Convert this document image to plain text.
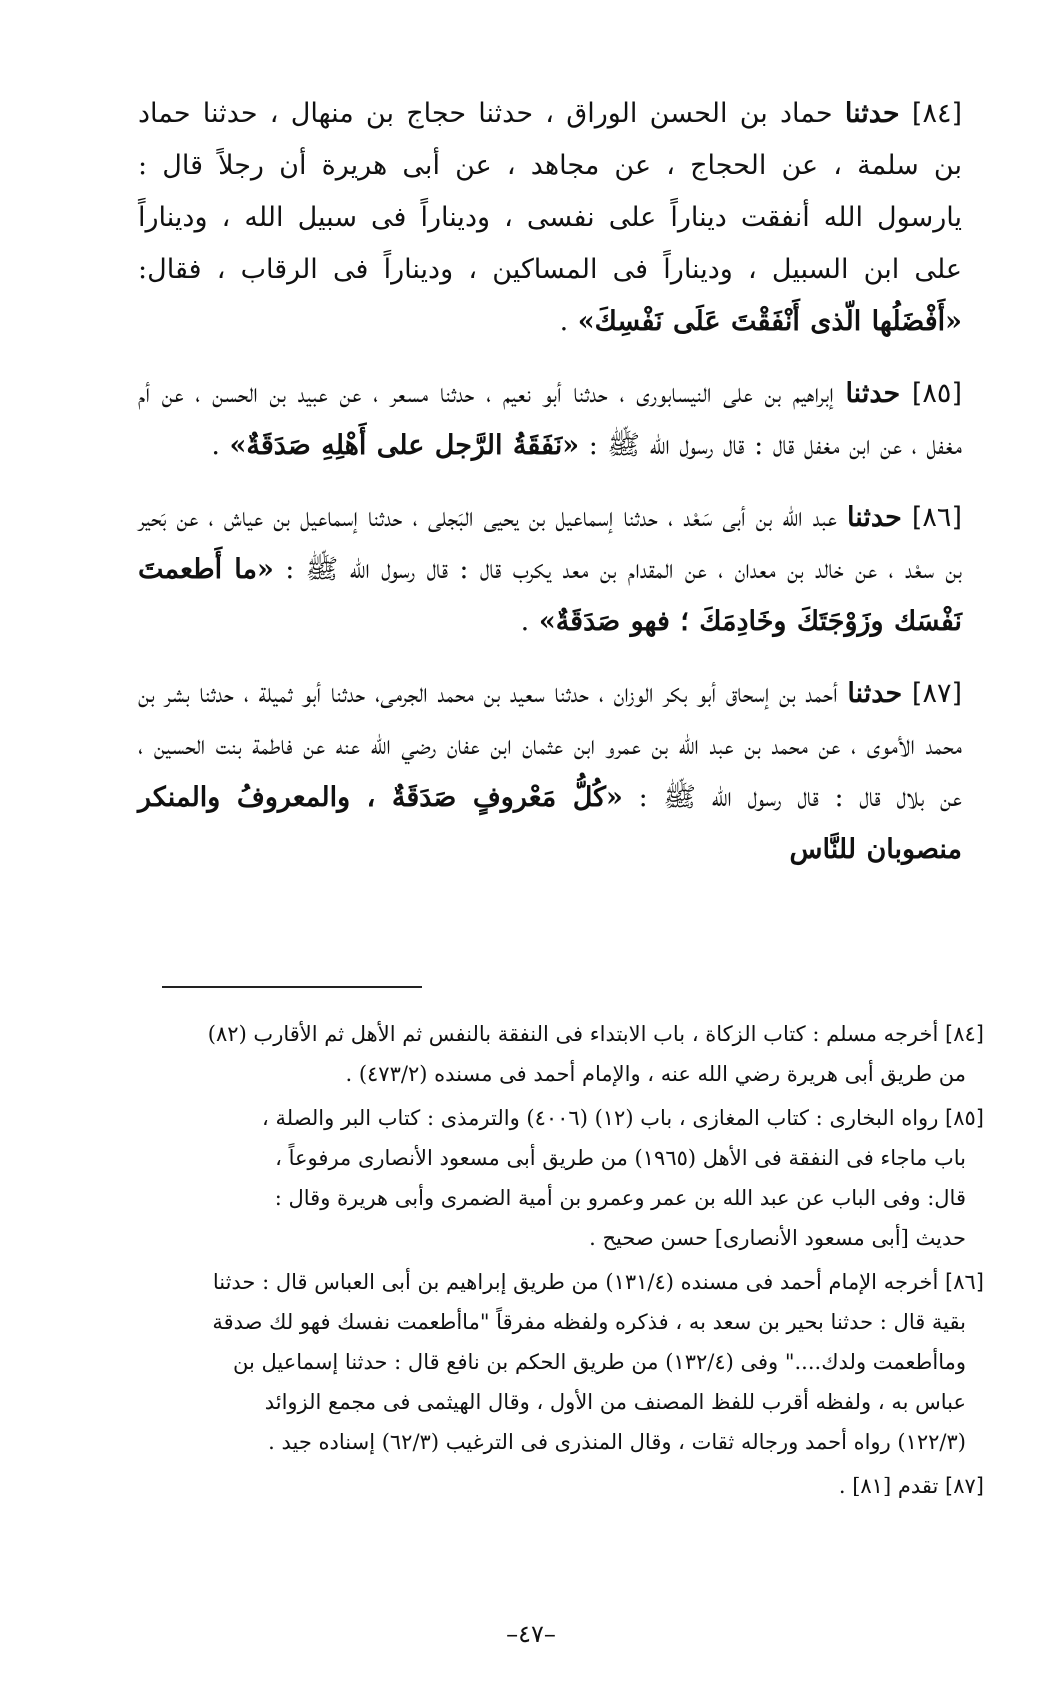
[٨٤] حدثنا حماد بن الحسن الوراق ، حدثنا حجاج بن منهال ، حدثنا حماد بن سلمة ، عن الحجاج ، عن مجاهد ، عن أبى هريرة أن رجلاً قال : يارسول الله أنفقت ديناراً على نفسى ، وديناراً فى سبيل الله ، وديناراً على ابن السبيل ، وديناراً فى المساكين ، وديناراً فى الرقاب ، فقال: «أَفْضَلُها الّذى أَنْفَقْتَ عَلَى نَفْسِكَ» .

[٨٥] حدثنا إبراهيم بن على النيسابورى ، حدثنا أبو نعيم ، حدثنا مسعر ، عن عبيد بن الحسن ، عن أم مغفل ، عن ابن مغفل قال : قال رسول الله ﷺ : «نَفَقَةُ الرَّجل على أَهْلِهِ صَدَقَةٌ» .

[٨٦] حدثنا عبد الله بن أبى سَعْد ، حدثنا إسماعيل بن يحيى البَجلى ، حدثنا إسماعيل بن عياش ، عن بَحير بن سعْد ، عن خالد بن معدان ، عن المقدام بن معد يكرب قال : قال رسول الله ﷺ : «ما أَطعمتَ نَفْسَك وزَوْجَتَكَ وخَادِمَكَ ؛ فهو صَدَقَةٌ» .

[٨٧] حدثنا أحمد بن إسحاق أبو بكر الوزان ، حدثنا سعيد بن محمد الجرمى، حدثنا أبو ثميلة ، حدثنا بشر بن محمد الأموى ، عن محمد بن عبد الله بن عمرو ابن عثمان ابن عفان رضي الله عنه عن فاطمة بنت الحسين ، عن بلال قال : قال رسول الله ﷺ : «كُلُّ مَعْروفٍ صَدَقَةٌ ، والمعروفُ والمنكر منصوبان للنَّاس

[٨٤] أخرجه مسلم : كتاب الزكاة ، باب الابتداء فى النفقة بالنفس ثم الأهل ثم الأقارب (٨٢)
من طريق أبى هريرة رضي الله عنه ، والإمام أحمد فى مسنده (٤٧٣/٢) .
[٨٥] رواه البخارى : كتاب المغازى ، باب (١٢) (٤٠٠٦) والترمذى : كتاب البر والصلة ،
باب ماجاء فى النفقة فى الأهل (١٩٦٥) من طريق أبى مسعود الأنصارى مرفوعاً ،
قال: وفى الباب عن عبد الله بن عمر وعمرو بن أمية الضمرى وأبى هريرة وقال :
حديث [أبى مسعود الأنصارى] حسن صحيح .
[٨٦] أخرجه الإمام أحمد فى مسنده (١٣١/٤) من طريق إبراهيم بن أبى العباس قال : حدثنا
بقية قال : حدثنا بحير بن سعد به ، فذكره ولفظه مفرقاً "ماأطعمت نفسك فهو لك صدقة
وماأطعمت ولدك...." وفى (١٣٢/٤) من طريق الحكم بن نافع قال : حدثنا إسماعيل بن
عباس به ، ولفظه أقرب للفظ المصنف من الأول ، وقال الهيثمى فى مجمع الزوائد
(١٢٢/٣) رواه أحمد ورجاله ثقات ، وقال المنذرى فى الترغيب (٦٢/٣) إسناده جيد .
[٨٧] تقدم [٨١] .
–٤٧–
